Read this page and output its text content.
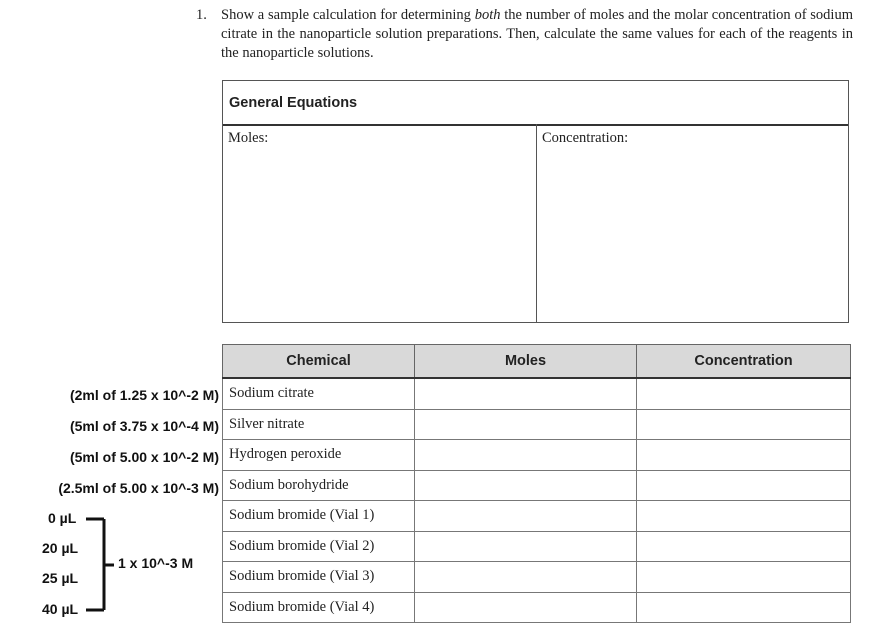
1. Show a sample calculation for determining both the number of moles and the molar concentration of sodium citrate in the nanoparticle solution preparations. Then, calculate the same values for each of the reagents in the nanoparticle solutions.
General Equations
Moles:	Concentration:
Chemical	Moles	Concentration
Sodium citrate		
Silver nitrate		
Hydrogen peroxide		
Sodium borohydride		
Sodium bromide (Vial 1)		
Sodium bromide (Vial 2)		
Sodium bromide (Vial 3)		
Sodium bromide (Vial 4)		
(2ml of 1.25 x 10^-2 M)
(5ml of 3.75 x 10^-4 M)
(5ml of 5.00 x 10^-2 M)
(2.5ml of 5.00 x 10^-3 M)
0 µL
20 µL
25 µL
40 µL
1 x 10^-3 M
